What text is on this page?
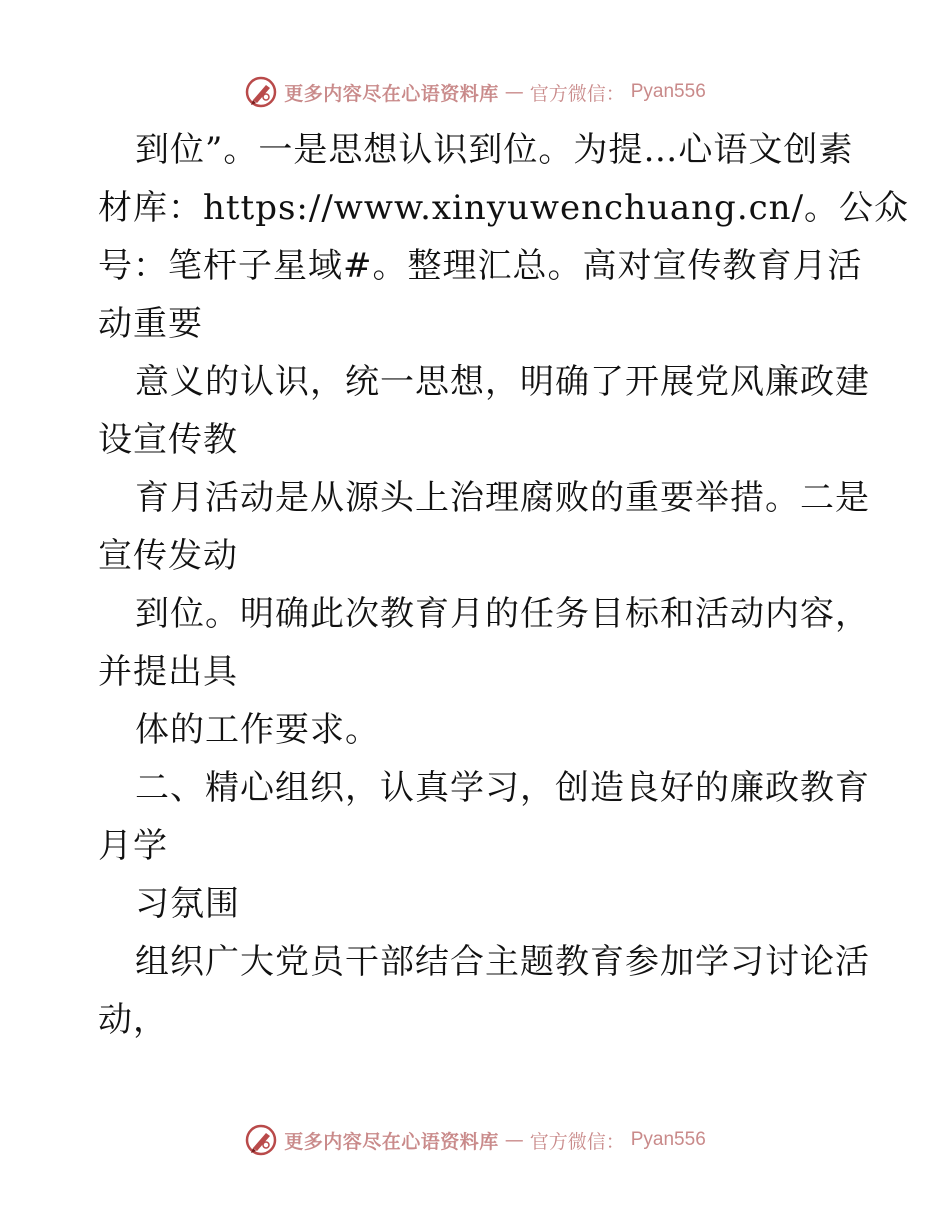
更多内容尽在心语资料库 — 官方微信： Pyan556
到位”。一是思想认识到位。为提…心语文创素
材库：https://www.xinyuwenchuang.cn/。公众
号：笔杆子星域#。整理汇总。高对宣传教育月活
动重要
意义的认识，统一思想，明确了开展党风廉政建
设宣传教
育月活动是从源头上治理腐败的重要举措。二是
宣传发动
到位。明确此次教育月的任务目标和活动内容，
并提出具
体的工作要求。
二、精心组织，认真学习，创造良好的廉政教育
月学
习氛围
组织广大党员干部结合主题教育参加学习讨论活
动，
更多内容尽在心语资料库 — 官方微信： Pyan556
